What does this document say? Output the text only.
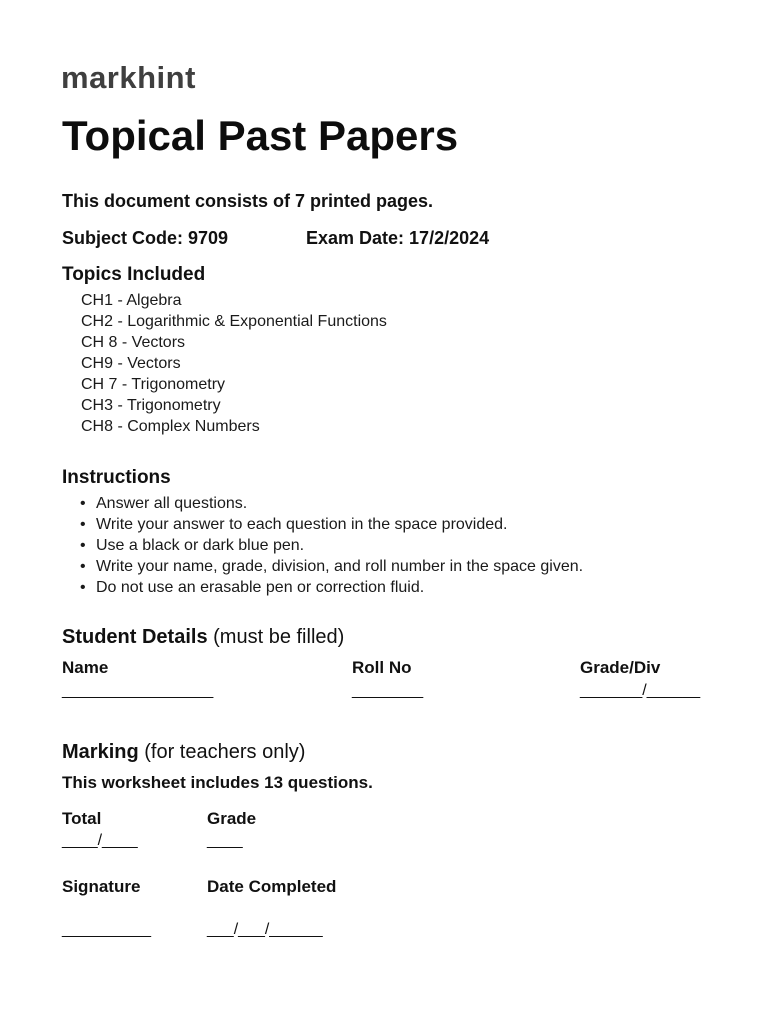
markhint
Topical Past Papers
This document consists of 7 printed pages.
Subject Code: 9709	Exam Date: 17/2/2024
Topics Included
CH1 - Algebra
CH2 - Logarithmic & Exponential Functions
CH 8 - Vectors
CH9 - Vectors
CH 7 - Trigonometry
CH3 - Trigonometry
CH8 - Complex Numbers
Instructions
• Answer all questions.
• Write your answer to each question in the space provided.
• Use a black or dark blue pen.
• Write your name, grade, division, and roll number in the space given.
• Do not use an erasable pen or correction fluid.
Student Details (must be filled)
Name
_________________
Roll No
________
Grade/Div
_______/______
Marking (for teachers only)
This worksheet includes 13 questions.
Total
____/____
Grade
____
Signature
__________
Date Completed
___/___/______
